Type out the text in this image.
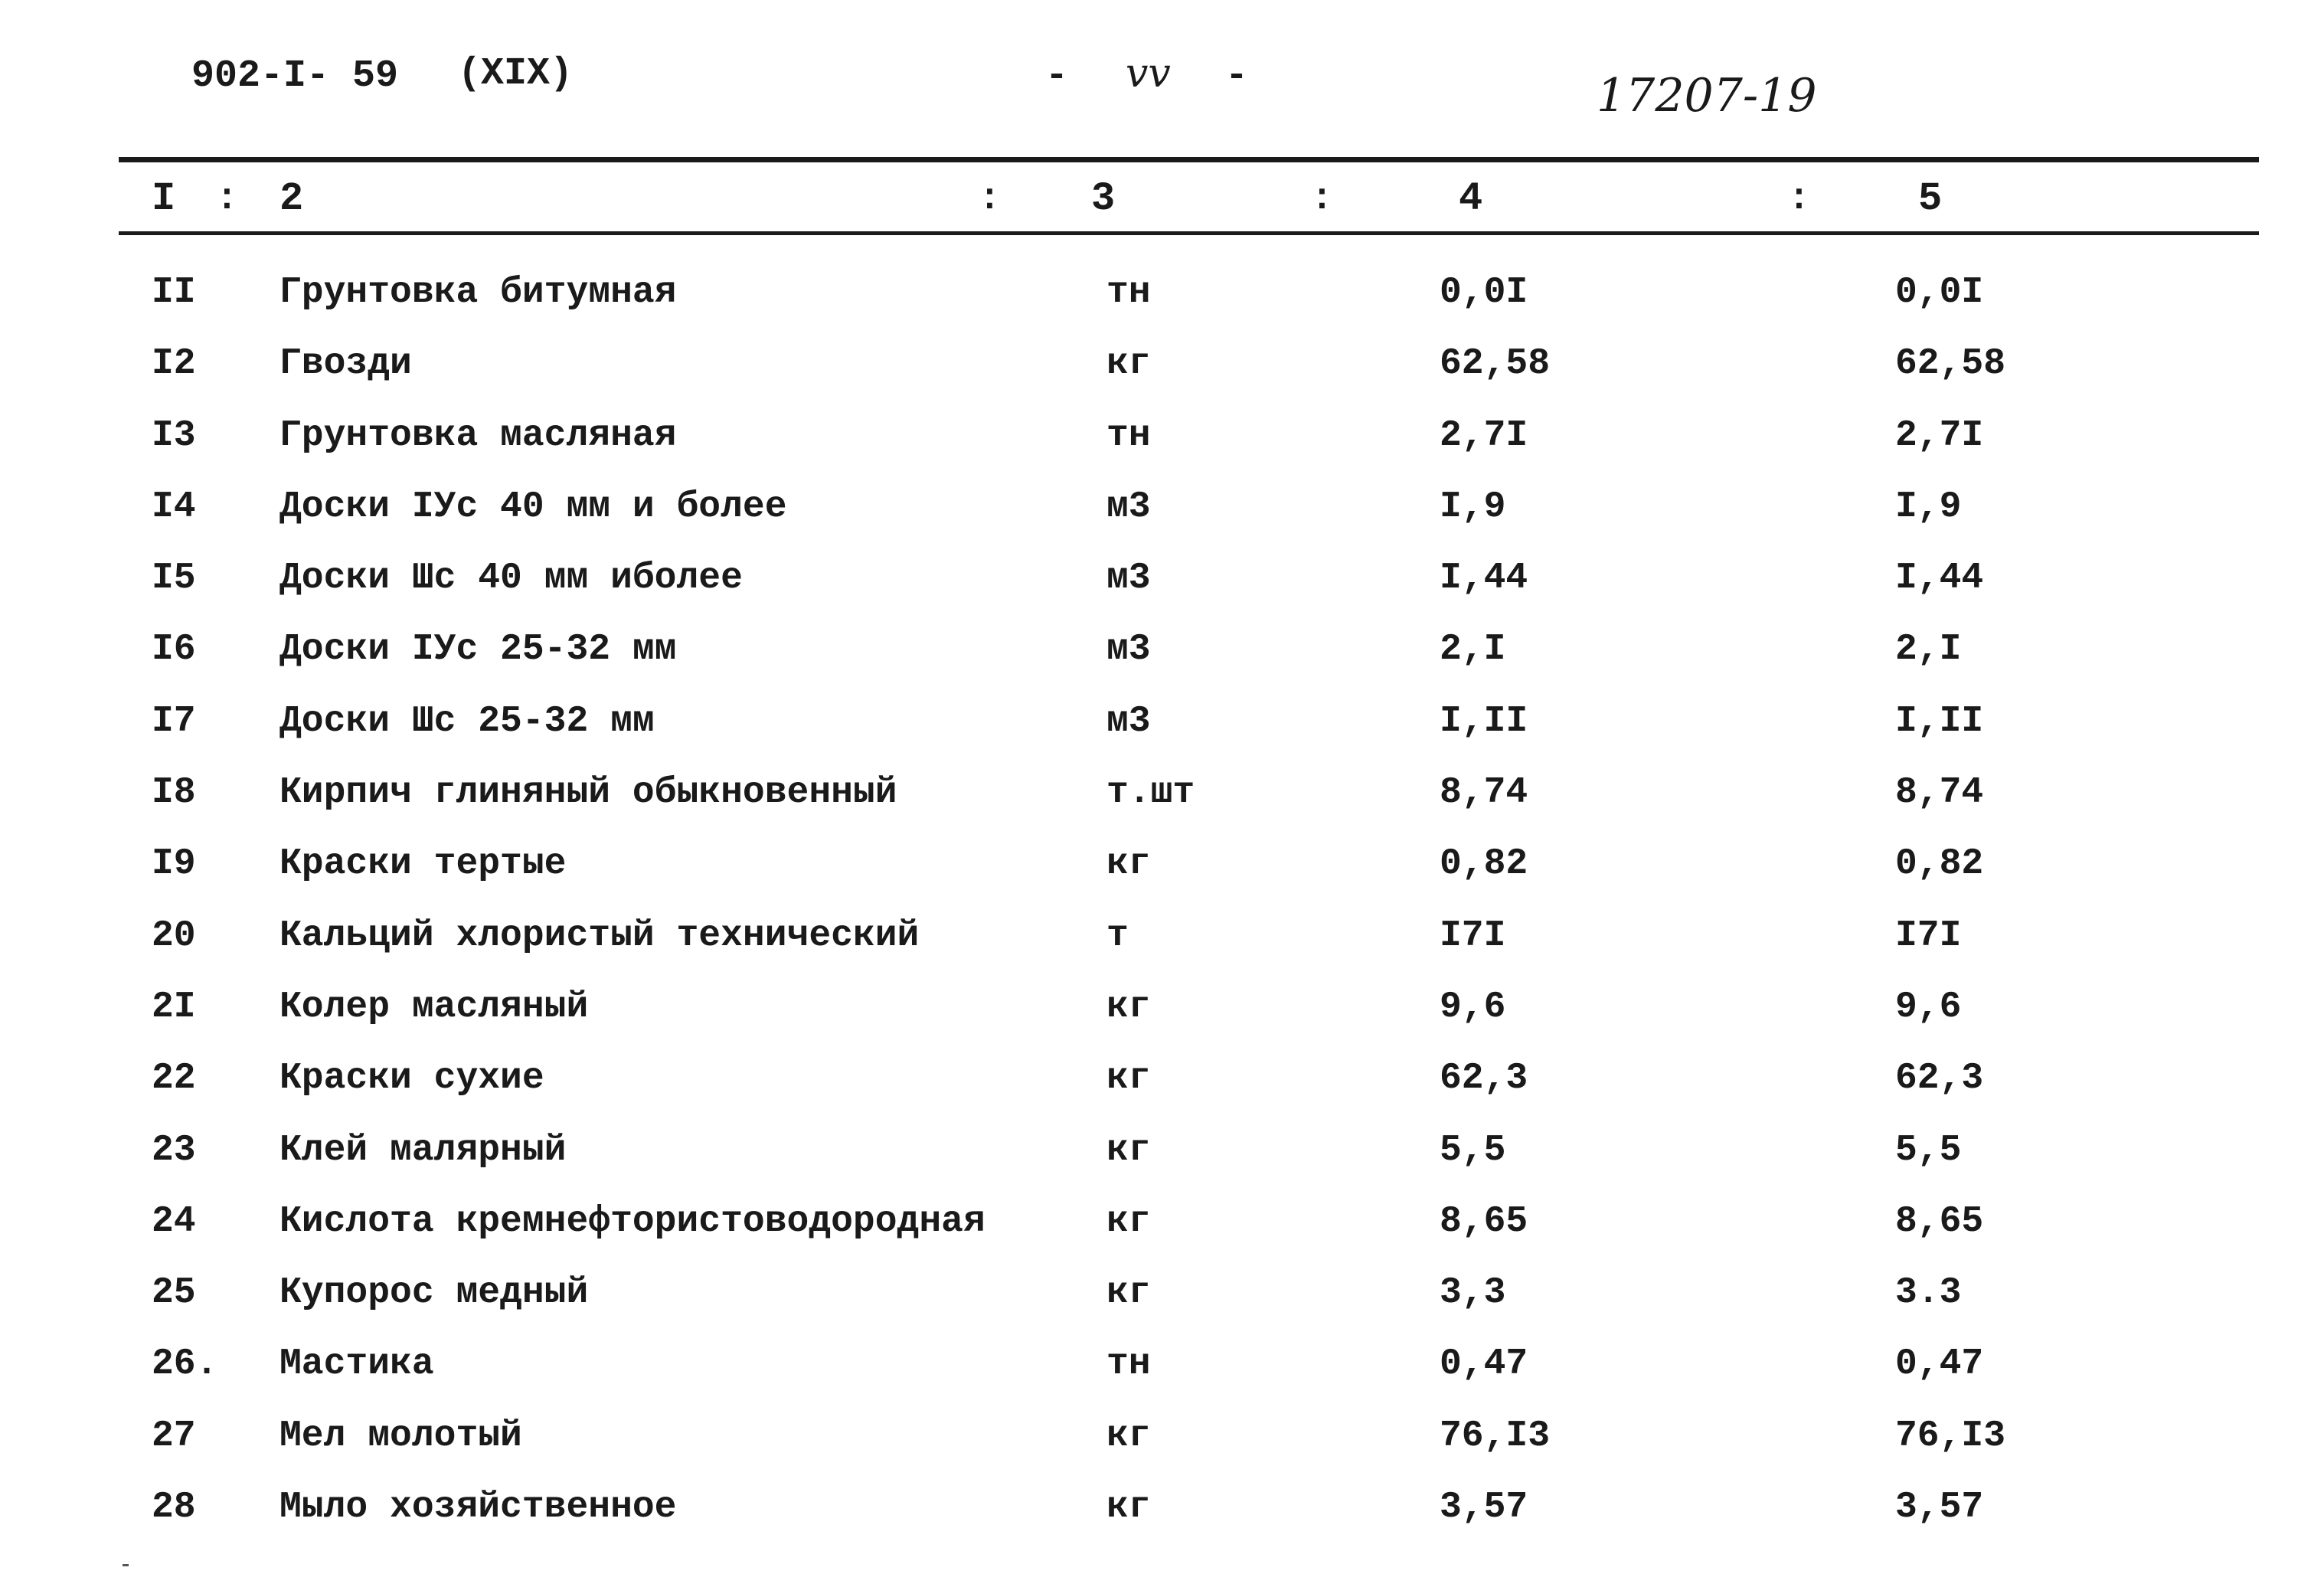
902-I- 59 (XIX)	- vv -	17207-19
I : 2	: 3	:	4	:	5
II Грунтовка битумная	тн	0,0I	0,0I
I2 Гвозди	кг	62,58	62,58
I3 Грунтовка масляная	тн	2,7I	2,7I
I4 Доски IУс 40 мм и более	м3	I,9	I,9
I5 Доски Шс 40 мм иболее	м3	I,44	I,44
I6 Доски IУс 25-32 мм	м3	2,I	2,I
I7 Доски Шс 25-32 мм	м3	I,II	I,II
I8 Кирпич глиняный обыкновенный	т.шт	8,74	8,74
I9 Краски тертые	кг	0,82	0,82
20 Кальций хлористый технический	т	I7I	I7I
2I Колер масляный	кг	9,6	9,6
22 Краски сухие	кг	62,3	62,3
23 Клей малярный	кг	5,5	5,5
24 Кислота кремнефтористоводородная	кг	8,65	8,65
25 Купорос медный	кг	3,3	3.3
26. Мастика	тн	0,47	0,47
27 Мел молотый	кг	76,I3	76,I3
28 Мыло хозяйственное	кг	3,57	3,57
